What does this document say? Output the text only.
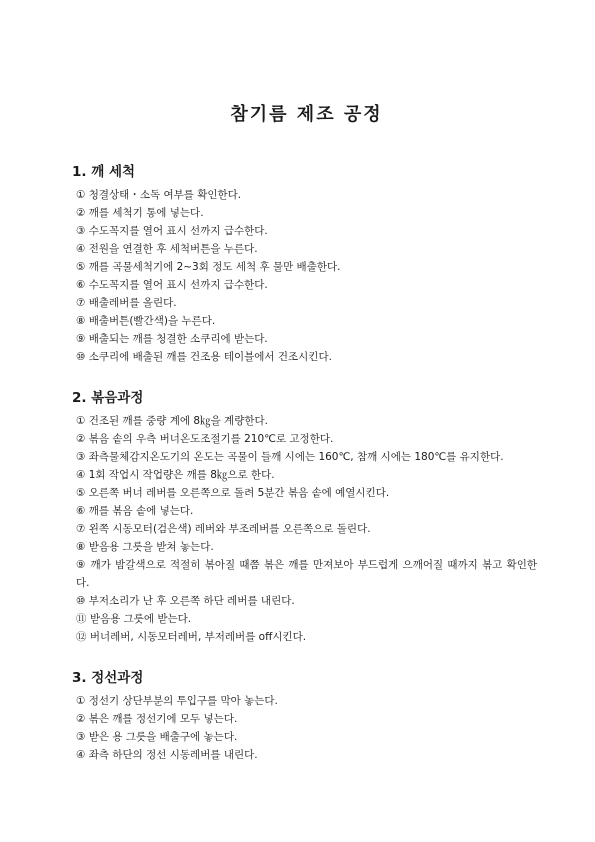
참기름 제조 공정
1. 깨 세척
① 청결상태・소독 여부를 확인한다.
② 깨를 세척기 통에 넣는다.
③ 수도꼭지를 열어 표시 선까지 급수한다.
④ 전원을 연결한 후 세척버튼을 누른다.
⑤ 깨를 곡물세척기에 2~3회 정도 세척 후 물만 배출한다.
⑥ 수도꼭지를 열어 표시 선까지 급수한다.
⑦ 배출레버를 올린다.
⑧ 배출버튼(빨간색)을 누른다.
⑨ 배출되는 깨를 청결한 소쿠리에 받는다.
⑩ 소쿠리에 배출된 깨를 건조용 테이블에서 건조시킨다.
2. 볶음과정
① 건조된 깨를 중량 계에 8㎏을 계량한다.
② 볶음 솥의 우측 버너온도조절기를 210℃로 고정한다.
③ 좌측물체감지온도기의 온도는 곡물이 들깨 시에는 160℃, 참깨 시에는 180℃를 유지한다.
④ 1회 작업시 작업량은 깨를 8㎏으로 한다.
⑤ 오른쪽 버너 레버를 오른쪽으로 돌려 5분간 볶음 솥에 예열시킨다.
⑥ 깨를 볶음 솥에 넣는다.
⑦ 왼쪽 시동모터(검은색) 레버와 부조레버를 오른쪽으로 돌린다.
⑧ 받음용 그릇을 받쳐 놓는다.
⑨ 깨가 밤갈색으로 적절히 볶아질 때쯤 볶은 깨를 만져보아 부드럽게 으깨어질 때까지 볶고 확인한다.
⑩ 부저소리가 난 후 오른쪽 하단 레버를 내린다.
⑪ 받음용 그릇에 받는다.
⑫ 버너레버, 시동모터레버, 부저레버를 off시킨다.
3. 정선과정
① 정선기 상단부분의 투입구를 막아 놓는다.
② 볶은 깨를 정선기에 모두 넣는다.
③ 받은 용 그릇을 배출구에 놓는다.
④ 좌측 하단의 정선 시동레버를 내린다.
